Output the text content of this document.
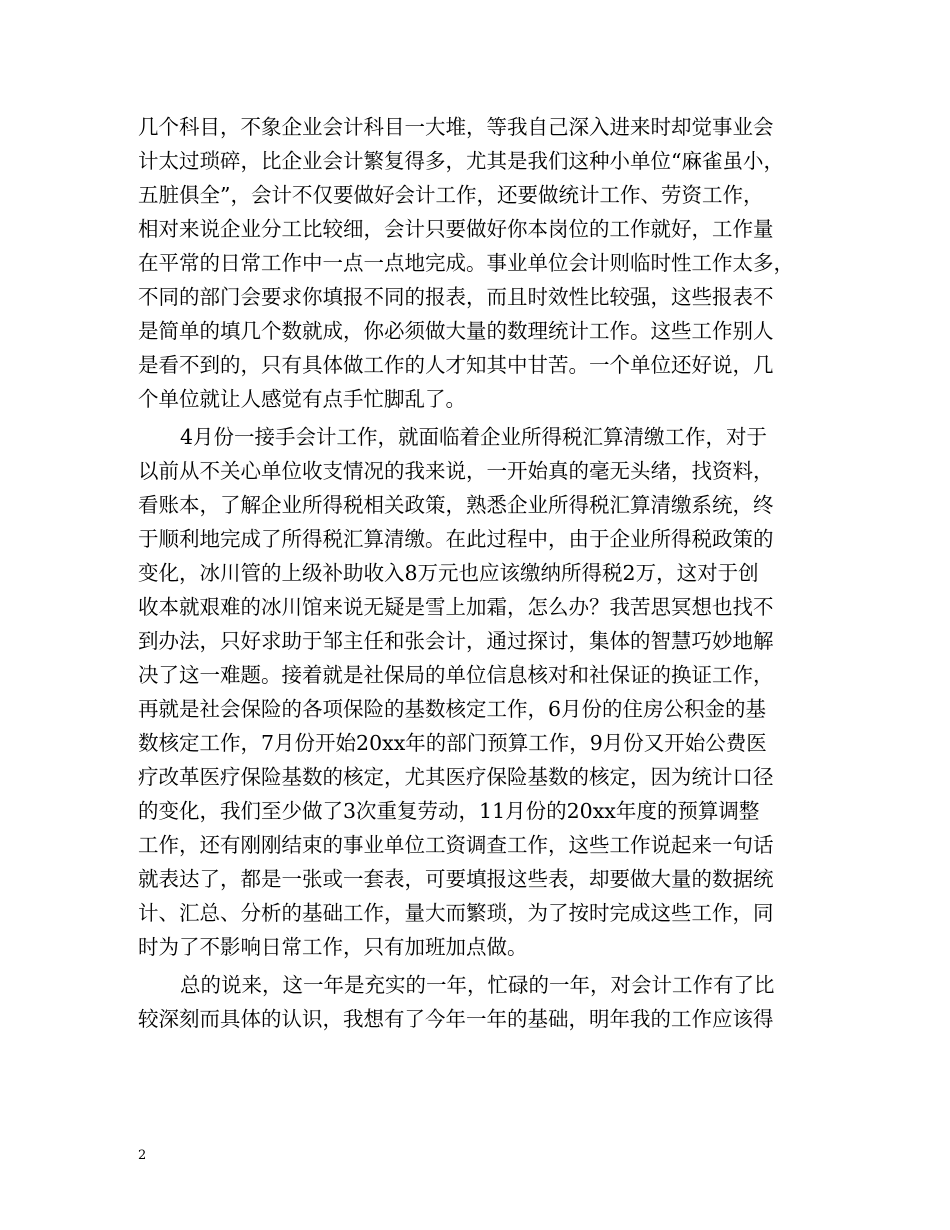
几个科目，不象企业会计科目一大堆，等我自己深入进来时却觉事业会
计太过琐碎，比企业会计繁复得多，尤其是我们这种小单位“麻雀虽小，
五脏俱全”，会计不仅要做好会计工作，还要做统计工作、劳资工作，
相对来说企业分工比较细，会计只要做好你本岗位的工作就好，工作量
在平常的日常工作中一点一点地完成。事业单位会计则临时性工作太多，
不同的部门会要求你填报不同的报表，而且时效性比较强，这些报表不
是简单的填几个数就成，你必须做大量的数理统计工作。这些工作别人
是看不到的，只有具体做工作的人才知其中甘苦。一个单位还好说，几
个单位就让人感觉有点手忙脚乱了。
4月份一接手会计工作，就面临着企业所得税汇算清缴工作，对于
以前从不关心单位收支情况的我来说，一开始真的毫无头绪，找资料，
看账本，了解企业所得税相关政策，熟悉企业所得税汇算清缴系统，终
于顺利地完成了所得税汇算清缴。在此过程中，由于企业所得税政策的
变化，冰川管的上级补助收入8万元也应该缴纳所得税2万，这对于创
收本就艰难的冰川馆来说无疑是雪上加霜，怎么办？我苦思冥想也找不
到办法，只好求助于邹主任和张会计，通过探讨，集体的智慧巧妙地解
决了这一难题。接着就是社保局的单位信息核对和社保证的换证工作，
再就是社会保险的各项保险的基数核定工作，6月份的住房公积金的基
数核定工作，7月份开始20xx年的部门预算工作，9月份又开始公费医
疗改革医疗保险基数的核定，尤其医疗保险基数的核定，因为统计口径
的变化，我们至少做了3次重复劳动，11月份的20xx年度的预算调整
工作，还有刚刚结束的事业单位工资调查工作，这些工作说起来一句话
就表达了，都是一张或一套表，可要填报这些表，却要做大量的数据统
计、汇总、分析的基础工作，量大而繁琐，为了按时完成这些工作，同
时为了不影响日常工作，只有加班加点做。
总的说来，这一年是充实的一年，忙碌的一年，对会计工作有了比
较深刻而具体的认识，我想有了今年一年的基础，明年我的工作应该得
2
